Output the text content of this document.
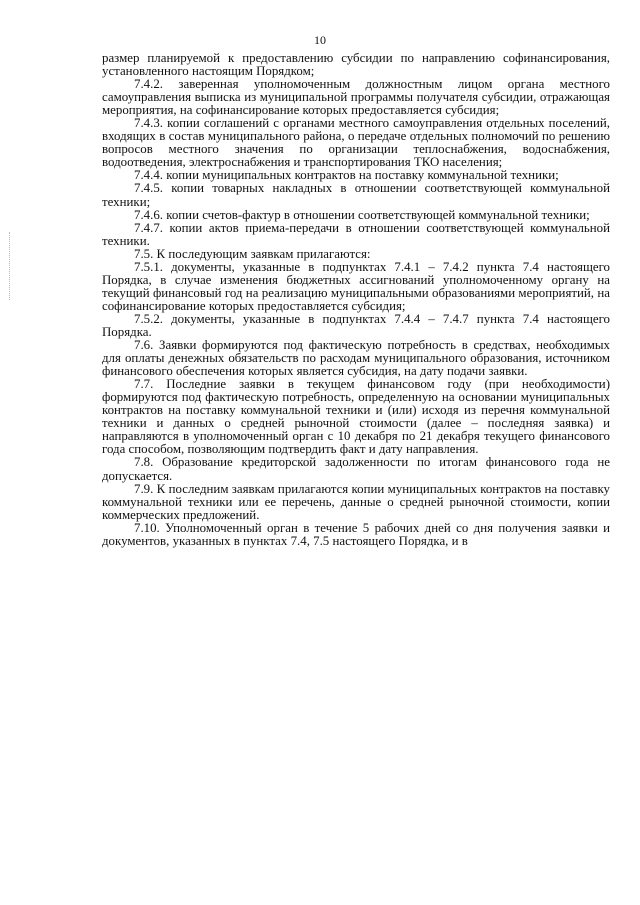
10

размер планируемой к предоставлению субсидии по направлению софинансирования, установленного настоящим Порядком;

7.4.2. заверенная уполномоченным должностным лицом органа местного самоуправления выписка из муниципальной программы получателя субсидии, отражающая мероприятия, на софинансирование которых предоставляется субсидия;

7.4.3. копии соглашений с органами местного самоуправления отдельных поселений, входящих в состав муниципального района, о передаче отдельных полномочий по решению вопросов местного значения по организации теплоснабжения, водоснабжения, водоотведения, электроснабжения и транспортирования ТКО населения;

7.4.4. копии муниципальных контрактов на поставку коммунальной техники;

7.4.5. копии товарных накладных в отношении соответствующей коммунальной техники;

7.4.6. копии счетов-фактур в отношении соответствующей коммунальной техники;

7.4.7. копии актов приема-передачи в отношении соответствующей коммунальной техники.

7.5. К последующим заявкам прилагаются:

7.5.1. документы, указанные в подпунктах 7.4.1 – 7.4.2 пункта 7.4 настоящего Порядка, в случае изменения бюджетных ассигнований уполномоченному органу на текущий финансовый год на реализацию муниципальными образованиями мероприятий, на софинансирование которых предоставляется субсидия;

7.5.2. документы, указанные в подпунктах 7.4.4 – 7.4.7 пункта 7.4 настоящего Порядка.

7.6. Заявки формируются под фактическую потребность в средствах, необходимых для оплаты денежных обязательств по расходам муниципального образования, источником финансового обеспечения которых является субсидия, на дату подачи заявки.

7.7. Последние заявки в текущем финансовом году (при необходимости) формируются под фактическую потребность, определенную на основании муниципальных контрактов на поставку коммунальной техники и (или) исходя из перечня коммунальной техники и данных о средней рыночной стоимости (далее – последняя заявка) и направляются в уполномоченный орган с 10 декабря по 21 декабря текущего финансового года способом, позволяющим подтвердить факт и дату направления.

7.8. Образование кредиторской задолженности по итогам финансового года не допускается.

7.9. К последним заявкам прилагаются копии муниципальных контрактов на поставку коммунальной техники или ее перечень, данные о средней рыночной стоимости, копии коммерческих предложений.

7.10. Уполномоченный орган в течение 5 рабочих дней со дня получения заявки и документов, указанных в пунктах 7.4, 7.5 настоящего Порядка, и в
